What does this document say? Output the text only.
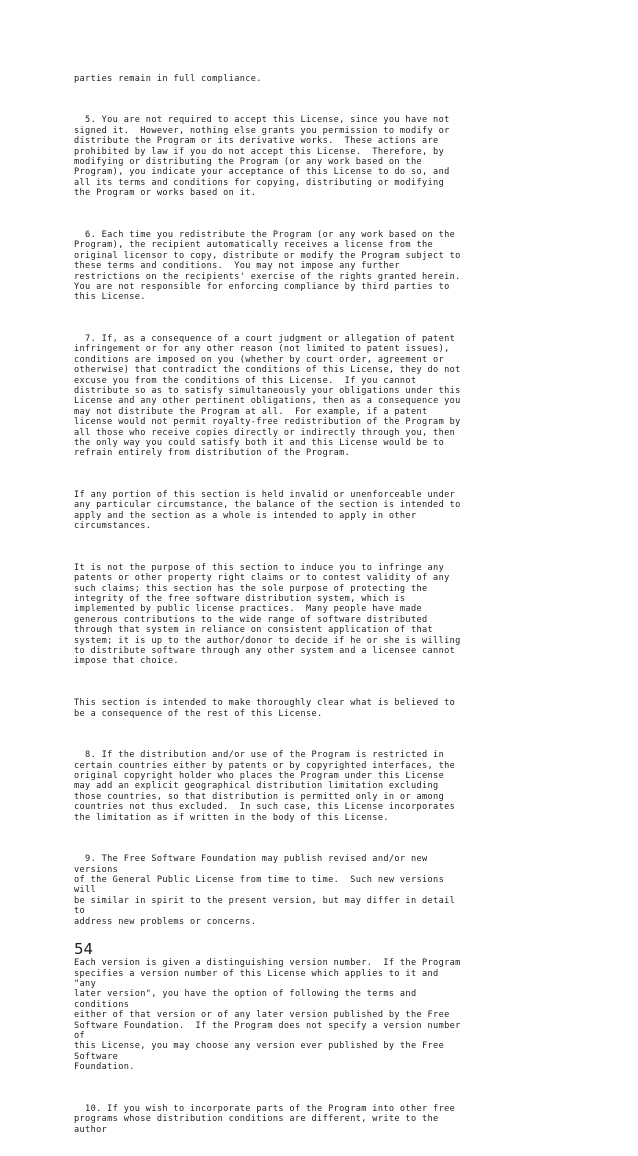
parties remain in full compliance.

5. You are not required to accept this License, since you have not
signed it.  However, nothing else grants you permission to modify or
distribute the Program or its derivative works.  These actions are
prohibited by law if you do not accept this License.  Therefore, by
modifying or distributing the Program (or any work based on the
Program), you indicate your acceptance of this License to do so, and
all its terms and conditions for copying, distributing or modifying
the Program or works based on it.

6. Each time you redistribute the Program (or any work based on the
Program), the recipient automatically receives a license from the
original licensor to copy, distribute or modify the Program subject to
these terms and conditions.  You may not impose any further
restrictions on the recipients' exercise of the rights granted herein.
You are not responsible for enforcing compliance by third parties to
this License.

7. If, as a consequence of a court judgment or allegation of patent
infringement or for any other reason (not limited to patent issues),
conditions are imposed on you (whether by court order, agreement or
otherwise) that contradict the conditions of this License, they do not
excuse you from the conditions of this License.  If you cannot
distribute so as to satisfy simultaneously your obligations under this
License and any other pertinent obligations, then as a consequence you
may not distribute the Program at all.  For example, if a patent
license would not permit royalty-free redistribution of the Program by
all those who receive copies directly or indirectly through you, then
the only way you could satisfy both it and this License would be to
refrain entirely from distribution of the Program.

If any portion of this section is held invalid or unenforceable under
any particular circumstance, the balance of the section is intended to
apply and the section as a whole is intended to apply in other
circumstances.

It is not the purpose of this section to induce you to infringe any
patents or other property right claims or to contest validity of any
such claims; this section has the sole purpose of protecting the
integrity of the free software distribution system, which is
implemented by public license practices.  Many people have made
generous contributions to the wide range of software distributed
through that system in reliance on consistent application of that
system; it is up to the author/donor to decide if he or she is willing
to distribute software through any other system and a licensee cannot
impose that choice.

This section is intended to make thoroughly clear what is believed to
be a consequence of the rest of this License.

8. If the distribution and/or use of the Program is restricted in
certain countries either by patents or by copyrighted interfaces, the
original copyright holder who places the Program under this License
may add an explicit geographical distribution limitation excluding
those countries, so that distribution is permitted only in or among
countries not thus excluded.  In such case, this License incorporates
the limitation as if written in the body of this License.

9. The Free Software Foundation may publish revised and/or new
versions
of the General Public License from time to time.  Such new versions
will
be similar in spirit to the present version, but may differ in detail
to
address new problems or concerns.

Each version is given a distinguishing version number.  If the Program
specifies a version number of this License which applies to it and
"any
later version", you have the option of following the terms and
conditions
either of that version or of any later version published by the Free
Software Foundation.  If the Program does not specify a version number
of
this License, you may choose any version ever published by the Free
Software
Foundation.

10. If you wish to incorporate parts of the Program into other free
programs whose distribution conditions are different, write to the
author

54
